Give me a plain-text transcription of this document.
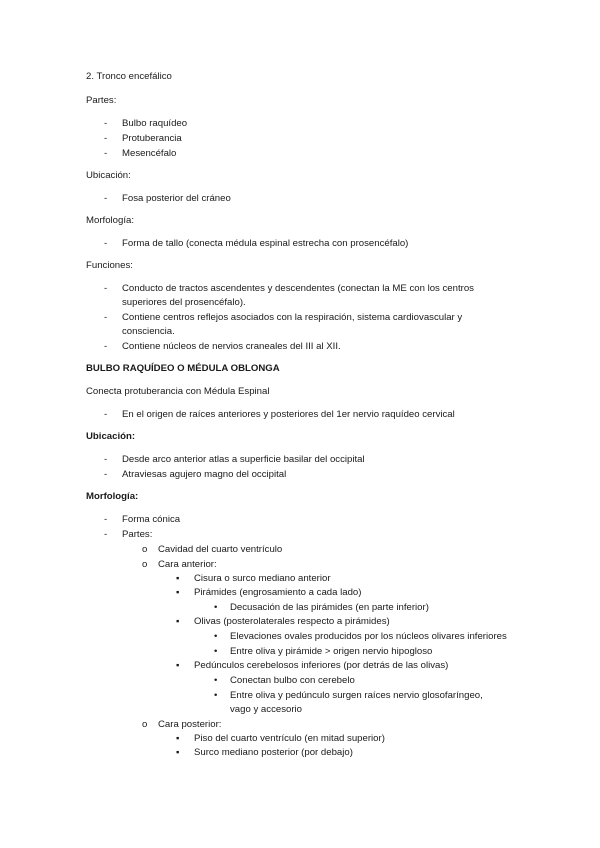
2. Tronco encefálico
Partes:
- Bulbo raquídeo
- Protuberancia
- Mesencéfalo
Ubicación:
- Fosa posterior del cráneo
Morfología:
- Forma de tallo (conecta médula espinal estrecha con prosencéfalo)
Funciones:
- Conducto de tractos ascendentes y descendentes (conectan la ME con los centros
superiores del prosencéfalo).
- Contiene centros reflejos asociados con la respiración, sistema cardiovascular y
consciencia.
- Contiene núcleos de nervios craneales del III al XII.
BULBO RAQUÍDEO O MÉDULA OBLONGA
Conecta protuberancia con Médula Espinal
- En el origen de raíces anteriores y posteriores del 1er nervio raquídeo cervical
Ubicación:
- Desde arco anterior atlas a superficie basilar del occipital
- Atraviesas agujero magno del occipital
Morfología:
- Forma cónica
- Partes:
o Cavidad del cuarto ventrículo
o Cara anterior:
▪ Cisura o surco mediano anterior
▪ Pirámides (engrosamiento a cada lado)
• Decusación de las pirámides (en parte inferior)
▪ Olivas (posterolaterales respecto a pirámides)
• Elevaciones ovales producidos por los núcleos olivares inferiores
• Entre oliva y pirámide > origen nervio hipogloso
▪ Pedúnculos cerebelosos inferiores (por detrás de las olivas)
• Conectan bulbo con cerebelo
• Entre oliva y pedúnculo surgen raíces nervio glosofaríngeo,
vago y accesorio
o Cara posterior:
▪ Piso del cuarto ventrículo (en mitad superior)
▪ Surco mediano posterior (por debajo)
